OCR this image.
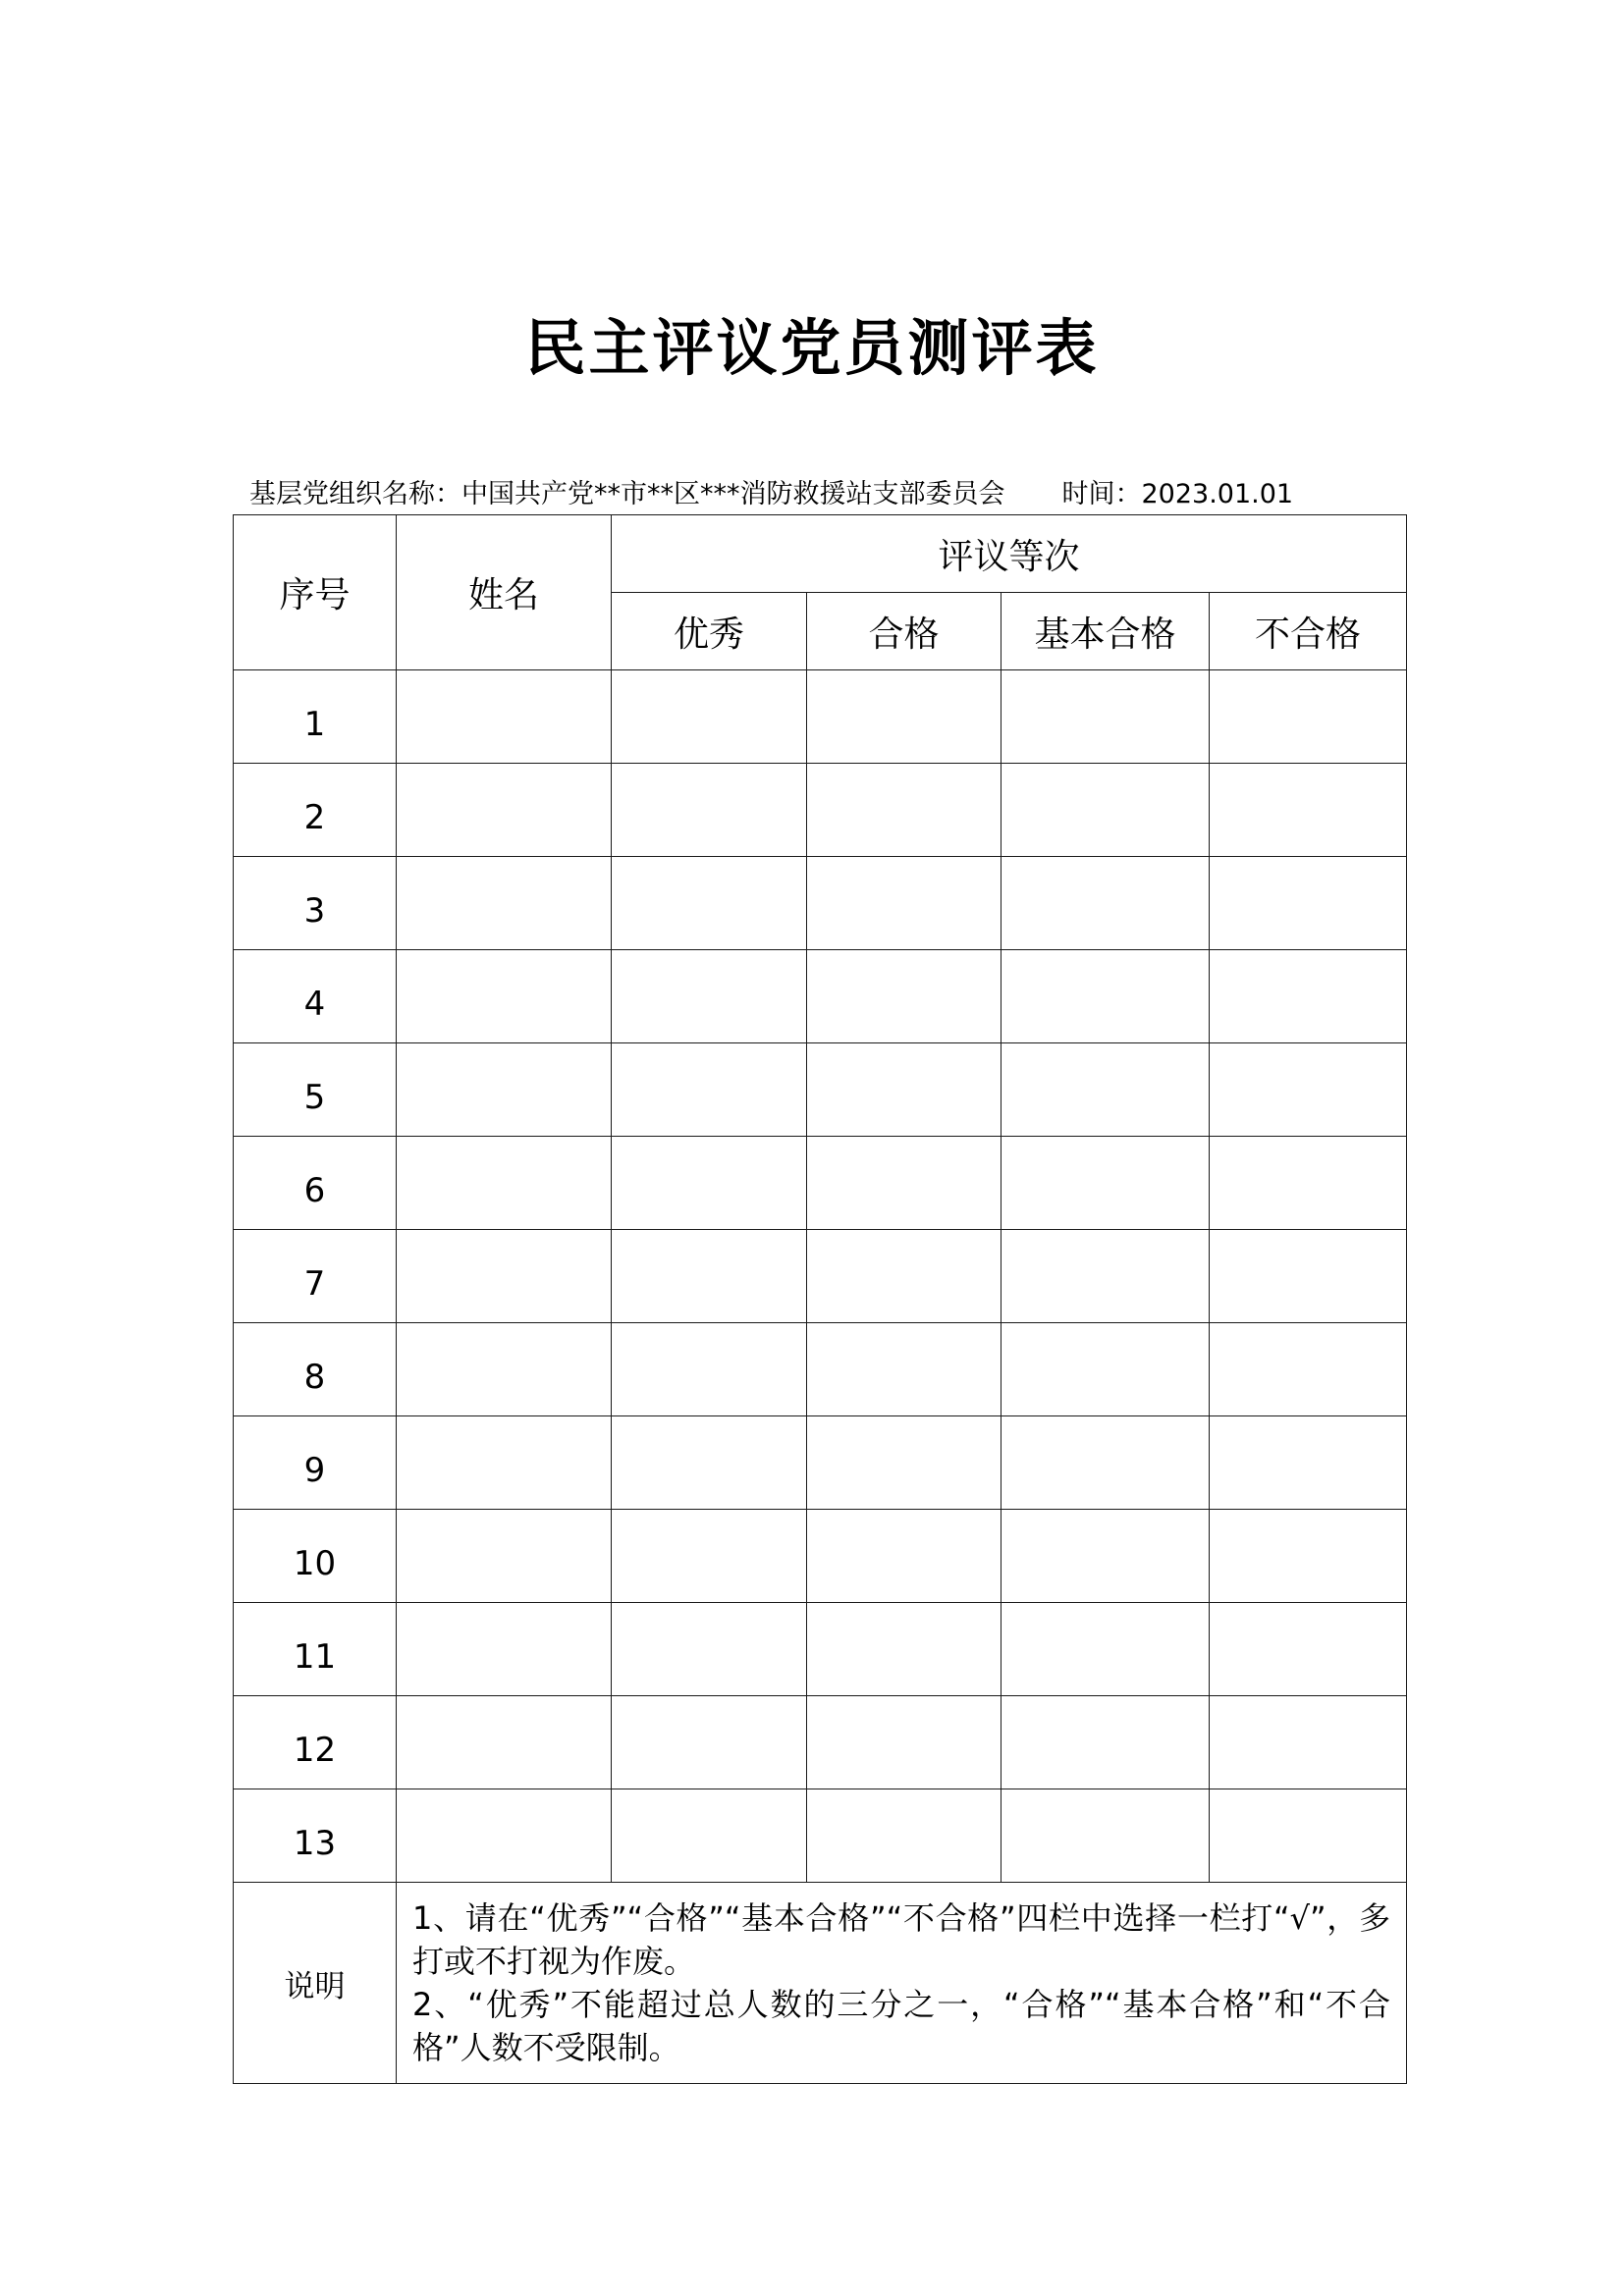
民主评议党员测评表
基层党组织名称：中国共产党**市**区***消防救援站支部委员会 时间：2023.01.01
序号	姓名	评议等次			
		优秀	合格	基本合格	不合格
1					
2					
3					
4					
5					
6					
7					
8					
9					
10					
11					
12					
13					
说明	1、请在“优秀”“合格”“基本合格”“不合格”四栏中选择一栏打“√”，多打或不打视为作废。
2、“优秀”不能超过总人数的三分之一，“合格”“基本合格”和“不合格”人数不受限制。				
